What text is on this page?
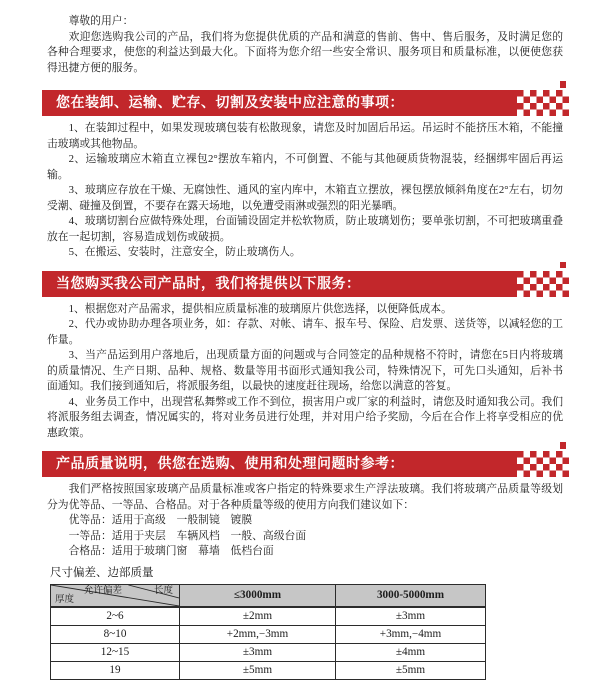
尊敬的用户：

欢迎您选购我公司的产品，我们将为您提供优质的产品和满意的售前、售中、售后服务，及时满足您的各种合理要求，使您的利益达到最大化。下面将为您介绍一些安全常识、服务项目和质量标准，以便使您获得迅捷方便的服务。

您在装卸、运输、贮存、切割及安装中应注意的事项：

1、在装卸过程中，如果发现玻璃包装有松散现象，请您及时加固后吊运。吊运时不能挤压木箱，不能撞击玻璃或其他物品。

2、运输玻璃应木箱直立裸包2°摆放车箱内，不可倒置、不能与其他硬质货物混装，经捆绑牢固后再运输。

3、玻璃应存放在干燥、无腐蚀性、通风的室内库中，木箱直立摆放，裸包摆放倾斜角度在2°左右，切勿受潮、碰撞及倒置，不要存在露天场地，以免遭受雨淋或强烈的阳光暴晒。

4、玻璃切割台应做特殊处理，台面铺设固定并松软物质，防止玻璃划伤；要单张切割，不可把玻璃重叠放在一起切割，容易造成划伤或破损。

5、在搬运、安装时，注意安全，防止玻璃伤人。

当您购买我公司产品时，我们将提供以下服务：

1、根据您对产品需求，提供相应质量标准的玻璃原片供您选择，以便降低成本。

2、代办或协助办理各项业务，如：存款、对帐、请车、报车号、保险、启发票、送货等，以减轻您的工作量。

3、当产品运到用户落地后，出现质量方面的问题或与合同签定的品种规格不符时，请您在5日内将玻璃的质量情况、生产日期、品种、规格、数量等用书面形式通知我公司，特殊情况下，可先口头通知，后补书面通知。我们接到通知后，将派服务组，以最快的速度赶往现场，给您以满意的答复。

4、业务员工作中，出现营私舞弊或工作不到位，损害用户或厂家的利益时，请您及时通知我公司。我们将派服务组去调查，情况属实的，将对业务员进行处理，并对用户给予奖励，今后在合作上将享受相应的优惠政策。

产品质量说明，供您在选购、使用和处理问题时参考：

我们严格按照国家玻璃产品质量标准或客户指定的特殊要求生产浮法玻璃。我们将玻璃产品质量等级划分为优等品、一等品、合格品。对于各种质量等级的使用方向我们建议如下：

优等品：适用于高级　一般制镜　镀膜
一等品：适用于夹层　车辆风档　一般、高级台面
合格品：适用于玻璃门窗　幕墙　低档台面
尺寸偏差、边部质量
允许偏差 长度
厚度	≤3000mm	3000-5000mm
2~6	±2mm	±3mm
8~10	+2mm,−3mm	+3mm,−4mm
12~15	±3mm	±4mm
19	±5mm	±5mm
